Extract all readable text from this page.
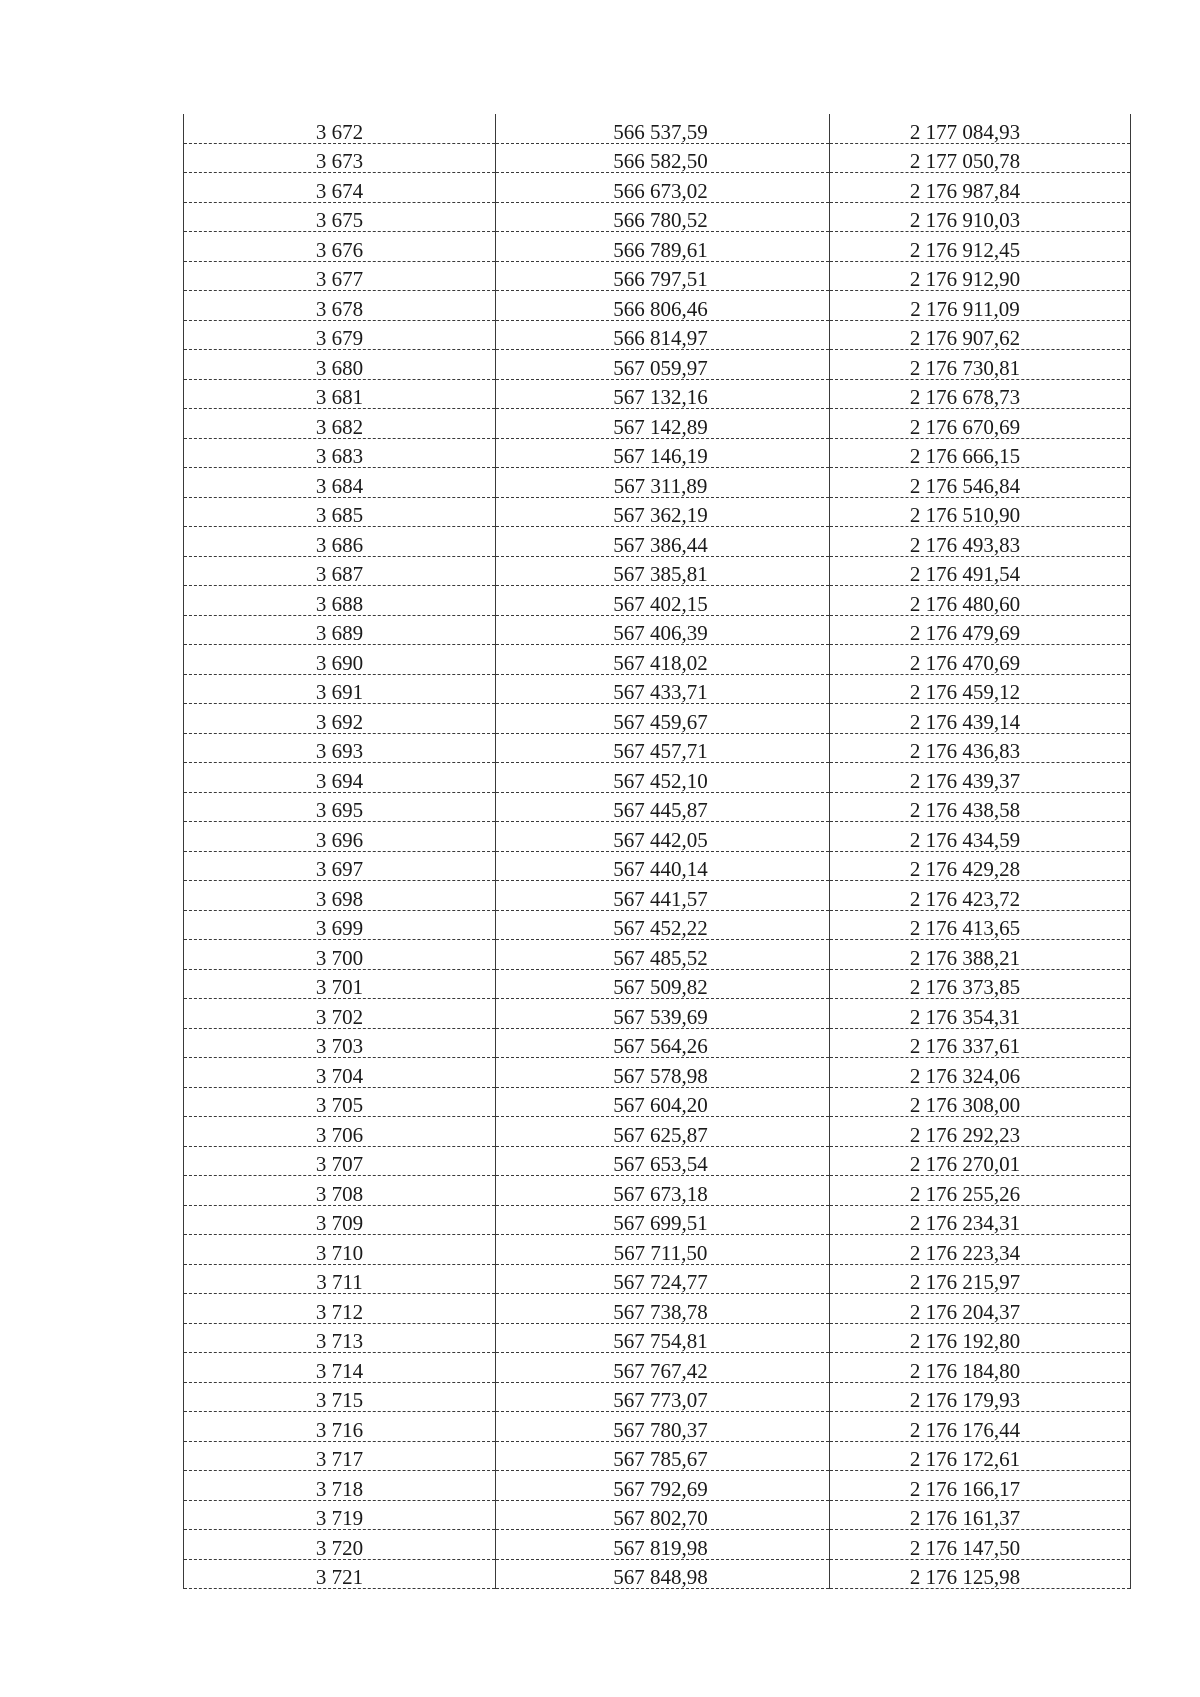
3 672	566 537,59	2 177 084,93
3 673	566 582,50	2 177 050,78
3 674	566 673,02	2 176 987,84
3 675	566 780,52	2 176 910,03
3 676	566 789,61	2 176 912,45
3 677	566 797,51	2 176 912,90
3 678	566 806,46	2 176 911,09
3 679	566 814,97	2 176 907,62
3 680	567 059,97	2 176 730,81
3 681	567 132,16	2 176 678,73
3 682	567 142,89	2 176 670,69
3 683	567 146,19	2 176 666,15
3 684	567 311,89	2 176 546,84
3 685	567 362,19	2 176 510,90
3 686	567 386,44	2 176 493,83
3 687	567 385,81	2 176 491,54
3 688	567 402,15	2 176 480,60
3 689	567 406,39	2 176 479,69
3 690	567 418,02	2 176 470,69
3 691	567 433,71	2 176 459,12
3 692	567 459,67	2 176 439,14
3 693	567 457,71	2 176 436,83
3 694	567 452,10	2 176 439,37
3 695	567 445,87	2 176 438,58
3 696	567 442,05	2 176 434,59
3 697	567 440,14	2 176 429,28
3 698	567 441,57	2 176 423,72
3 699	567 452,22	2 176 413,65
3 700	567 485,52	2 176 388,21
3 701	567 509,82	2 176 373,85
3 702	567 539,69	2 176 354,31
3 703	567 564,26	2 176 337,61
3 704	567 578,98	2 176 324,06
3 705	567 604,20	2 176 308,00
3 706	567 625,87	2 176 292,23
3 707	567 653,54	2 176 270,01
3 708	567 673,18	2 176 255,26
3 709	567 699,51	2 176 234,31
3 710	567 711,50	2 176 223,34
3 711	567 724,77	2 176 215,97
3 712	567 738,78	2 176 204,37
3 713	567 754,81	2 176 192,80
3 714	567 767,42	2 176 184,80
3 715	567 773,07	2 176 179,93
3 716	567 780,37	2 176 176,44
3 717	567 785,67	2 176 172,61
3 718	567 792,69	2 176 166,17
3 719	567 802,70	2 176 161,37
3 720	567 819,98	2 176 147,50
3 721	567 848,98	2 176 125,98
